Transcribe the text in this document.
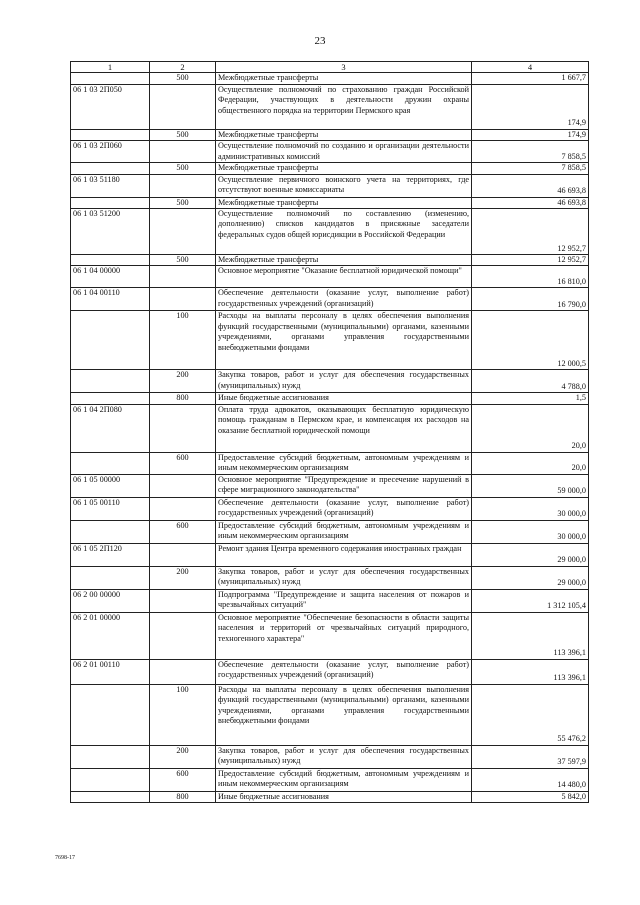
23
1	2	3	4
	500	Межбюджетные трансферты	1 667,7
06 1 03 2П050		Осуществление полномочий по страхованию граждан Российской Федерации, участвующих в деятельности дружин охраны общественного порядка на территории Пермского края	174,9
	500	Межбюджетные трансферты	174,9
06 1 03 2П060		Осуществление полномочий по созданию и организации деятельности административных комиссий	7 858,5
	500	Межбюджетные трансферты	7 858,5
06 1 03 51180		Осуществление первичного воинского учета на территориях, где отсутствуют военные комиссариаты	46 693,8
	500	Межбюджетные трансферты	46 693,8
06 1 03 51200		Осуществление полномочий по составлению (изменению, дополнению) списков кандидатов в присяжные заседатели федеральных судов общей юрисдикции в Российской Федерации	12 952,7
	500	Межбюджетные трансферты	12 952,7
06 1 04 00000		Основное мероприятие "Оказание бесплатной юридической помощи"	16 810,0
06 1 04 00110		Обеспечение деятельности (оказание услуг, выполнение работ) государственных учреждений (организаций)	16 790,0
	100	Расходы на выплаты персоналу в целях обеспечения выполнения функций государственными (муниципальными) органами, казенными учреждениями, органами управления государственными внебюджетными фондами	12 000,5
	200	Закупка товаров, работ и услуг для обеспечения государственных (муниципальных) нужд	4 788,0
	800	Иные бюджетные ассигнования	1,5
06 1 04 2П080		Оплата труда адвокатов, оказывающих бесплатную юридическую помощь гражданам в Пермском крае, и компенсация их расходов на оказание бесплатной юридической помощи	20,0
	600	Предоставление субсидий бюджетным, автономным учреждениям и иным некоммерческим организациям	20,0
06 1 05 00000		Основное мероприятие "Предупреждение и пресечение нарушений в сфере миграционного законодательства"	59 000,0
06 1 05 00110		Обеспечение деятельности (оказание услуг, выполнение работ) государственных учреждений (организаций)	30 000,0
	600	Предоставление субсидий бюджетным, автономным учреждениям и иным некоммерческим организациям	30 000,0
06 1 05 2П120		Ремонт здания Центра временного содержания иностранных граждан	29 000,0
	200	Закупка товаров, работ и услуг для обеспечения государственных (муниципальных) нужд	29 000,0
06 2 00 00000		Подпрограмма "Предупреждение и защита населения от пожаров и чрезвычайных ситуаций"	1 312 105,4
06 2 01 00000		Основное мероприятие "Обеспечение безопасности в области защиты населения и территорий от чрезвычайных ситуаций природного, техногенного характера"	113 396,1
06 2 01 00110		Обеспечение деятельности (оказание услуг, выполнение работ) государственных учреждений (организаций)	113 396,1
	100	Расходы на выплаты персоналу в целях обеспечения выполнения функций государственными (муниципальными) органами, казенными учреждениями, органами управления государственными внебюджетными фондами	55 476,2
	200	Закупка товаров, работ и услуг для обеспечения государственных (муниципальных) нужд	37 597,9
	600	Предоставление субсидий бюджетным, автономным учреждениям и иным некоммерческим организациям	14 480,0
	800	Иные бюджетные ассигнования	5 842,0
7698-17
